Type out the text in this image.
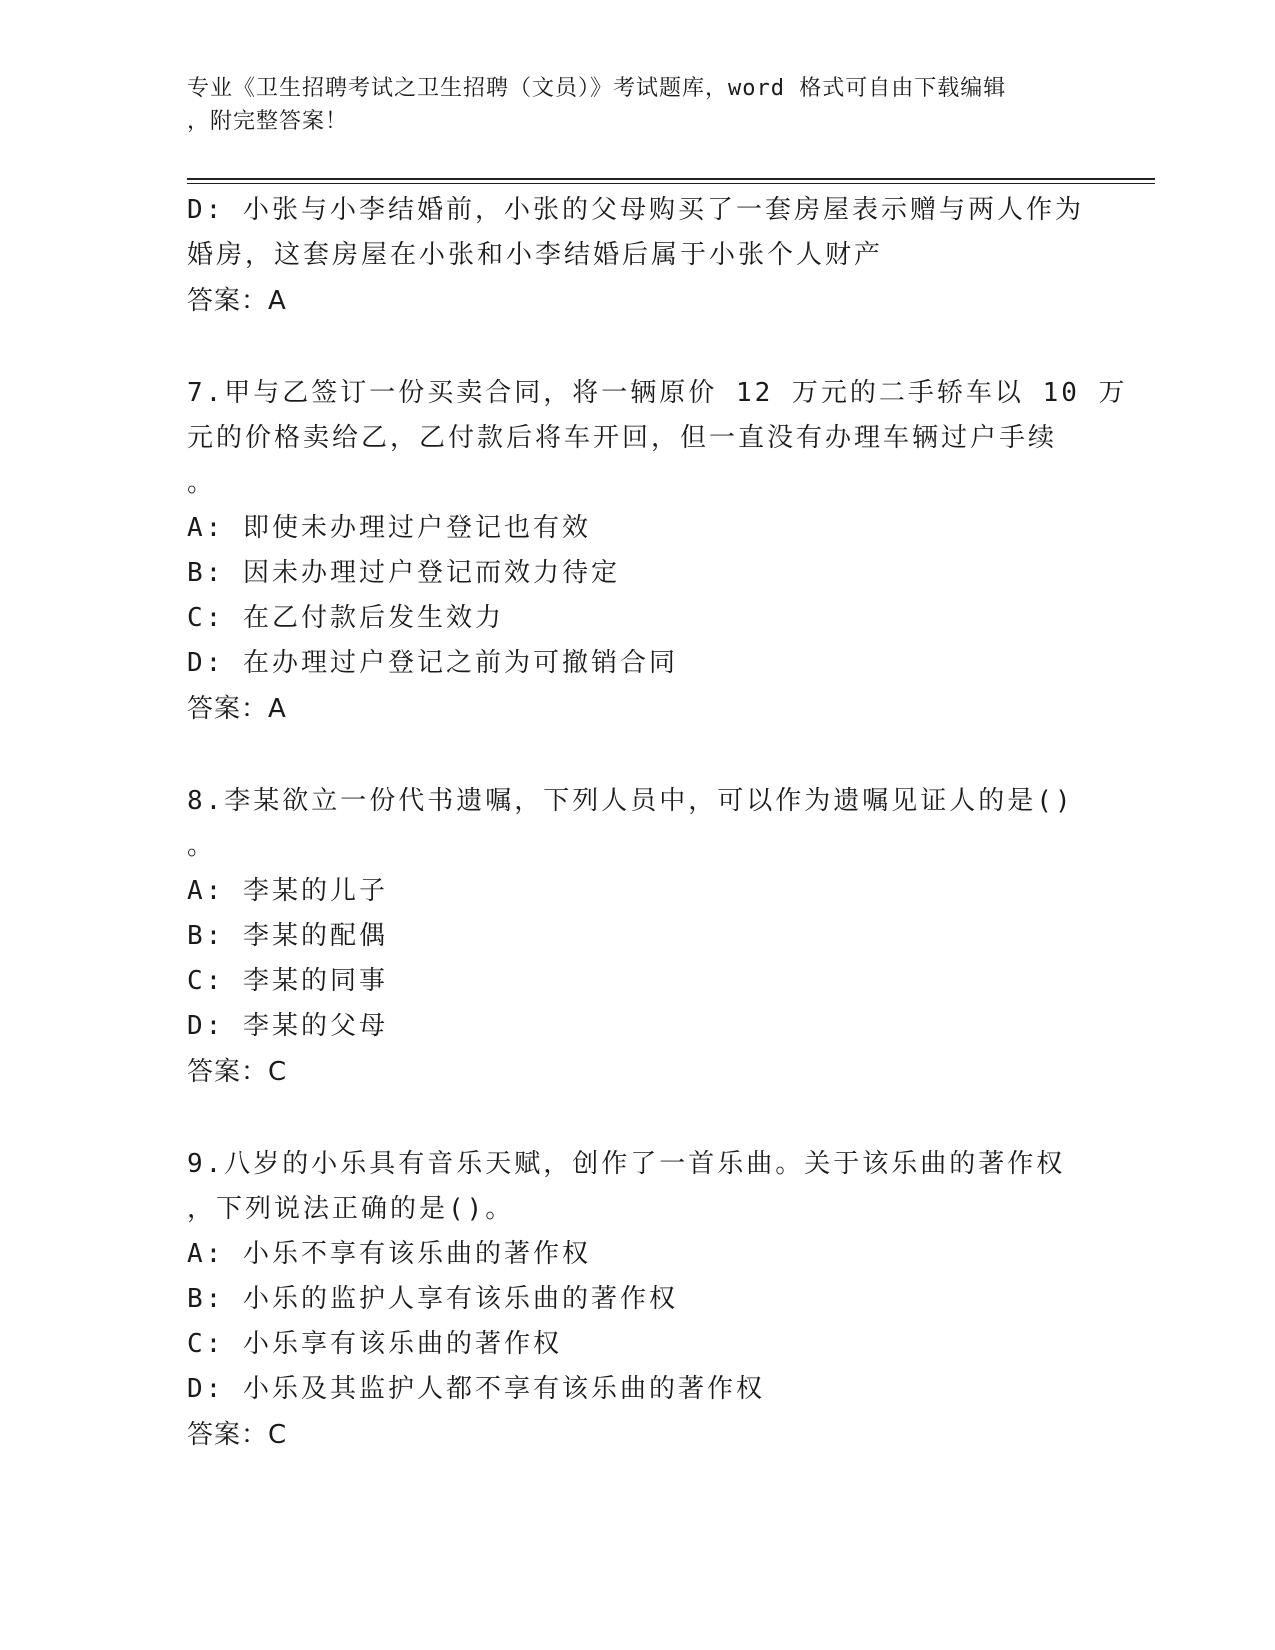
专业《卫生招聘考试之卫生招聘（文员）》考试题库，word 格式可自由下载编辑
，附完整答案！
D: 小张与小李结婚前，小张的父母购买了一套房屋表示赠与两人作为
婚房，这套房屋在小张和小李结婚后属于小张个人财产
答案：A
7.甲与乙签订一份买卖合同，将一辆原价 12 万元的二手轿车以 10 万
元的价格卖给乙，乙付款后将车开回，但一直没有办理车辆过户手续
。
A: 即使未办理过户登记也有效
B: 因未办理过户登记而效力待定
C: 在乙付款后发生效力
D: 在办理过户登记之前为可撤销合同
答案：A
8.李某欲立一份代书遗嘱，下列人员中，可以作为遗嘱见证人的是()
。
A: 李某的儿子
B: 李某的配偶
C: 李某的同事
D: 李某的父母
答案：C
9.八岁的小乐具有音乐天赋，创作了一首乐曲。关于该乐曲的著作权
，下列说法正确的是()。
A: 小乐不享有该乐曲的著作权
B: 小乐的监护人享有该乐曲的著作权
C: 小乐享有该乐曲的著作权
D: 小乐及其监护人都不享有该乐曲的著作权
答案：C
